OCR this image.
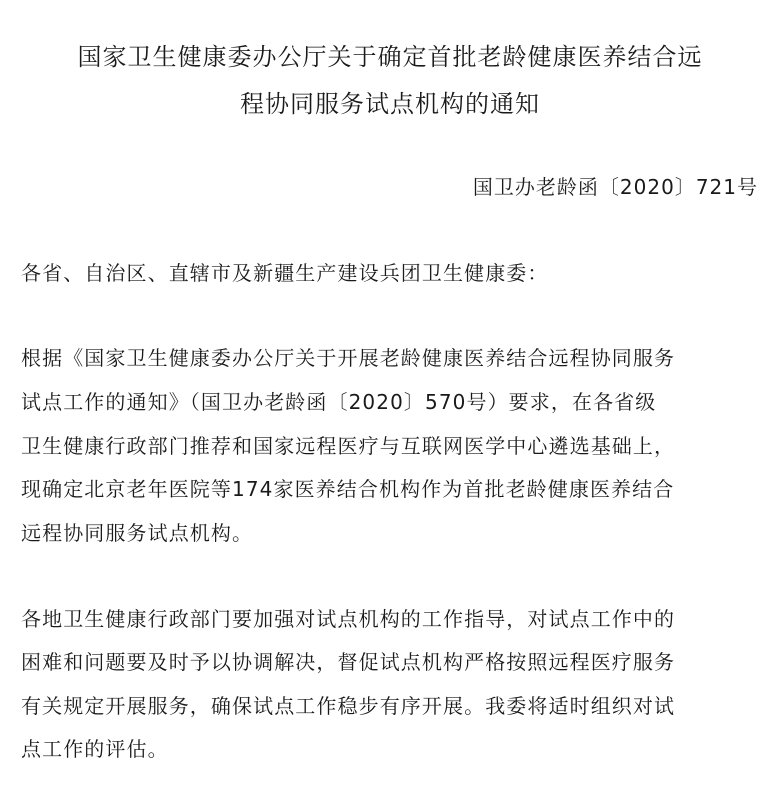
国家卫生健康委办公厅关于确定首批老龄健康医养结合远
程协同服务试点机构的通知
国卫办老龄函〔2020〕721号
各省、自治区、直辖市及新疆生产建设兵团卫生健康委：
根据《国家卫生健康委办公厅关于开展老龄健康医养结合远程协同服务
试点工作的通知》（国卫办老龄函〔2020〕570号）要求，在各省级
卫生健康行政部门推荐和国家远程医疗与互联网医学中心遴选基础上，
现确定北京老年医院等174家医养结合机构作为首批老龄健康医养结合
远程协同服务试点机构。
各地卫生健康行政部门要加强对试点机构的工作指导，对试点工作中的
困难和问题要及时予以协调解决，督促试点机构严格按照远程医疗服务
有关规定开展服务，确保试点工作稳步有序开展。我委将适时组织对试
点工作的评估。
